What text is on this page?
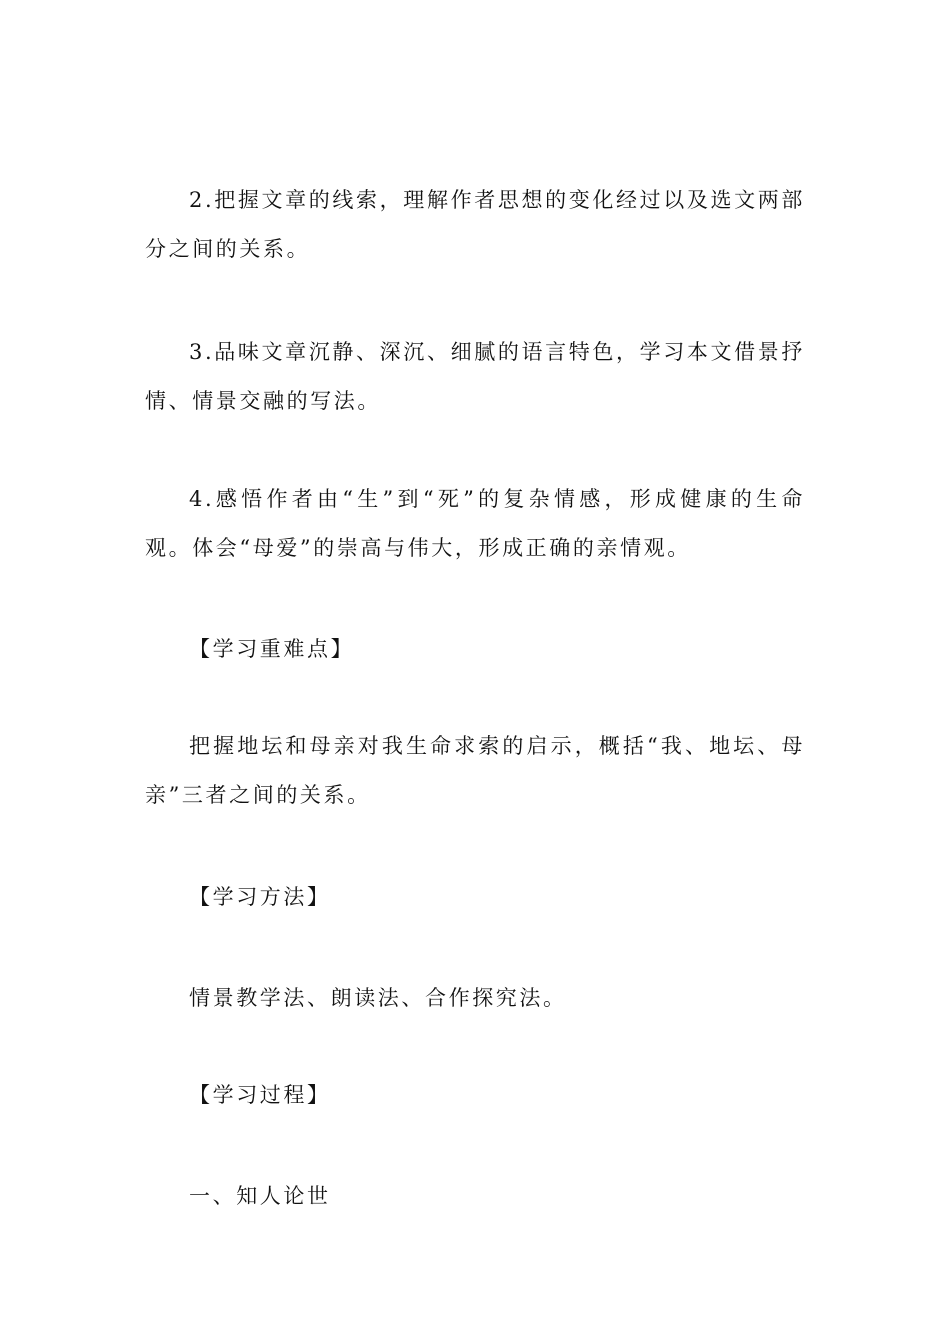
2.把握文章的线索，理解作者思想的变化经过以及选文两部分之间的关系。

3.品味文章沉静、深沉、细腻的语言特色，学习本文借景抒情、情景交融的写法。

4.感悟作者由“生”到“死”的复杂情感，形成健康的生命观。体会“母爱”的崇高与伟大，形成正确的亲情观。

【学习重难点】

把握地坛和母亲对我生命求索的启示，概括“我、地坛、母亲”三者之间的关系。

【学习方法】

情景教学法、朗读法、合作探究法。

【学习过程】

一、知人论世
